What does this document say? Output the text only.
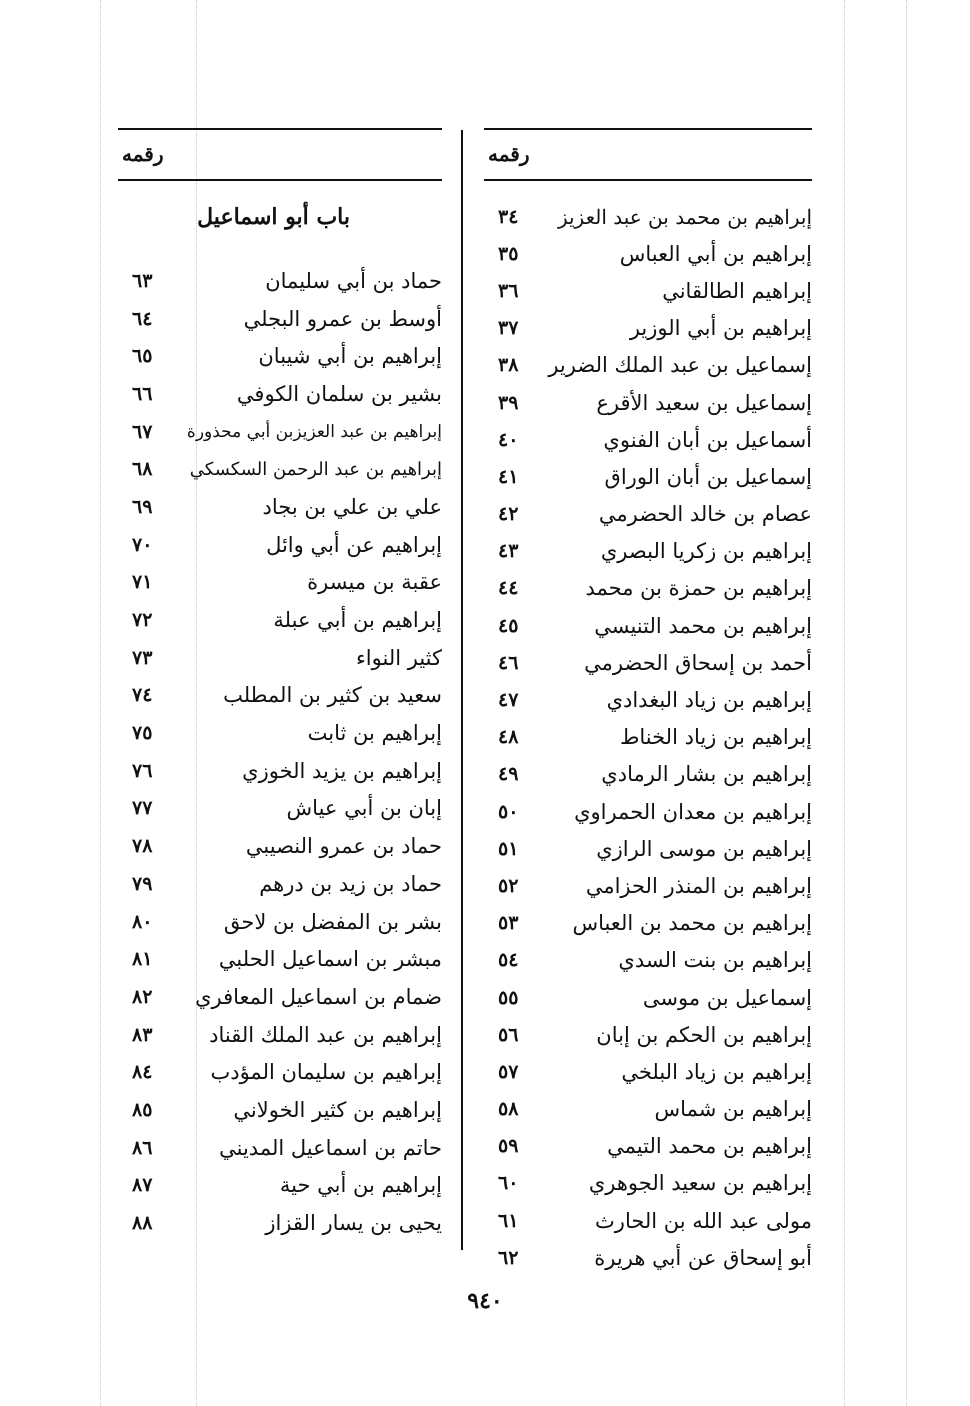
رقمه
إبراهيم بن محمد بن عبد العزيز
٣٤
إبراهيم بن أبي العباس
٣٥
إبراهيم الطالقاني
٣٦
إبراهيم بن أبي الوزير
٣٧
إسماعيل بن عبد الملك الضرير
٣٨
إسماعيل بن سعيد الأقرع
٣٩
أسماعيل بن أبان الفنوي
٤٠
إسماعيل بن أبان الوراق
٤١
عصام بن خالد الحضرمي
٤٢
إبراهيم بن زكريا البصري
٤٣
إبراهيم بن حمزة بن محمد
٤٤
إبراهيم بن محمد التنيسي
٤٥
أحمد بن إسحاق الحضرمي
٤٦
إبراهيم بن زياد البغدادي
٤٧
إبراهيم بن زياد الخناط
٤٨
إبراهيم بن بشار الرمادي
٤٩
إبراهيم بن معدان الحمراوي
٥٠
إبراهيم بن موسى الرازي
٥١
إبراهيم بن المنذر الحزامي
٥٢
إبراهيم بن محمد بن العباس
٥٣
إبراهيم بن بنت السدي
٥٤
إسماعيل بن موسى
٥٥
إبراهيم بن الحكم بن إبان
٥٦
إبراهيم بن زياد البلخي
٥٧
إبراهيم بن شماس
٥٨
إبراهيم بن محمد التيمي
٥٩
إبراهيم بن سعيد الجوهري
٦٠
مولى عبد الله بن الحارث
٦١
أبو إسحاق عن أبي هريرة
٦٢
رقمه
باب أبو اسماعيل
حماد بن أبي سليمان
٦٣
أوسط بن عمرو البجلي
٦٤
إبراهيم بن أبي شيبان
٦٥
بشير بن سلمان الكوفي
٦٦
إبراهيم بن عبد العزيزبن أبي محذورة
٦٧
إبراهيم بن عبد الرحمن السكسكي
٦٨
علي بن علي بن بجاد
٦٩
إبراهيم عن أبي وائل
٧٠
عقبة بن ميسرة
٧١
إبراهيم بن أبي عبلة
٧٢
كثير النواء
٧٣
سعيد بن كثير بن المطلب
٧٤
إبراهيم بن ثابت
٧٥
إبراهيم بن يزيد الخوزي
٧٦
إبان بن أبي عياش
٧٧
حماد بن عمرو النصيبي
٧٨
حماد بن زيد بن درهم
٧٩
بشر بن المفضل بن لاحق
٨٠
مبشر بن اسماعيل الحلبي
٨١
ضمام بن اسماعيل المعافري
٨٢
إبراهيم بن عبد الملك القناد
٨٣
إبراهيم بن سليمان المؤدب
٨٤
إبراهيم بن كثير الخولاني
٨٥
حاتم بن اسماعيل المديني
٨٦
إبراهيم بن أبي حية
٨٧
يحيى بن يسار القزاز
٨٨
٩٤٠
